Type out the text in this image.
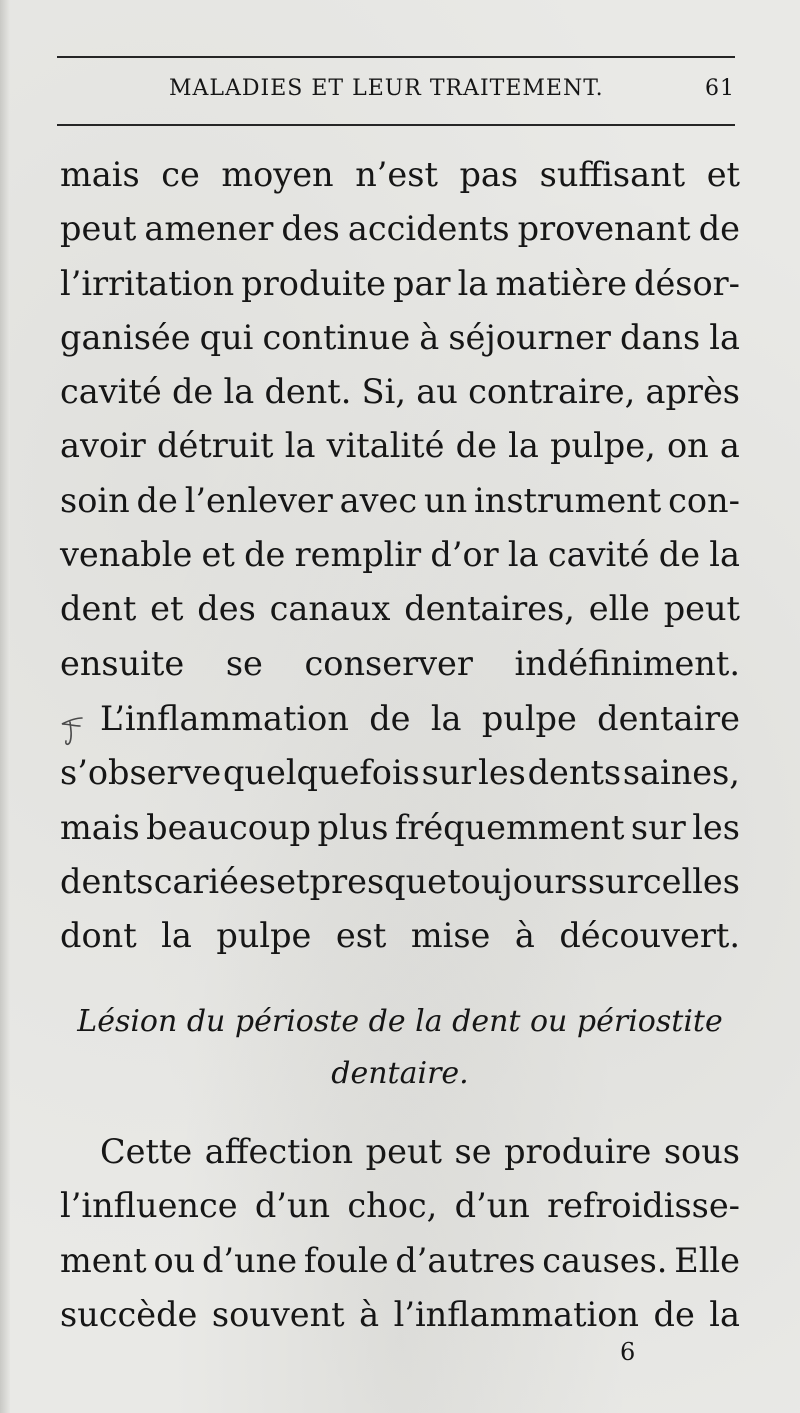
MALADIES ET LEUR TRAITEMENT.	61
mais ce moyen n’est pas suffisant et
peut amener des accidents provenant de
l’irritation produite par la matière désor-
ganisée qui continue à séjourner dans la
cavité de la dent. Si, au contraire, après
avoir détruit la vitalité de la pulpe, on a
soin de l’enlever avec un instrument con-
venable et de remplir d’or la cavité de la
dent et des canaux dentaires, elle peut
ensuite se conserver indéfiniment.
L’inflammation de la pulpe dentaire
s’observe quelquefois sur les dents saines,
mais beaucoup plus fréquemment sur les
dents cariées et presque toujours sur celles
dont la pulpe est mise à découvert.
Lésion du périoste de la dent ou périostite
dentaire.
Cette affection peut se produire sous
l’influence d’un choc, d’un refroidisse-
ment ou d’une foule d’autres causes. Elle
succède souvent à l’inflammation de la
6
